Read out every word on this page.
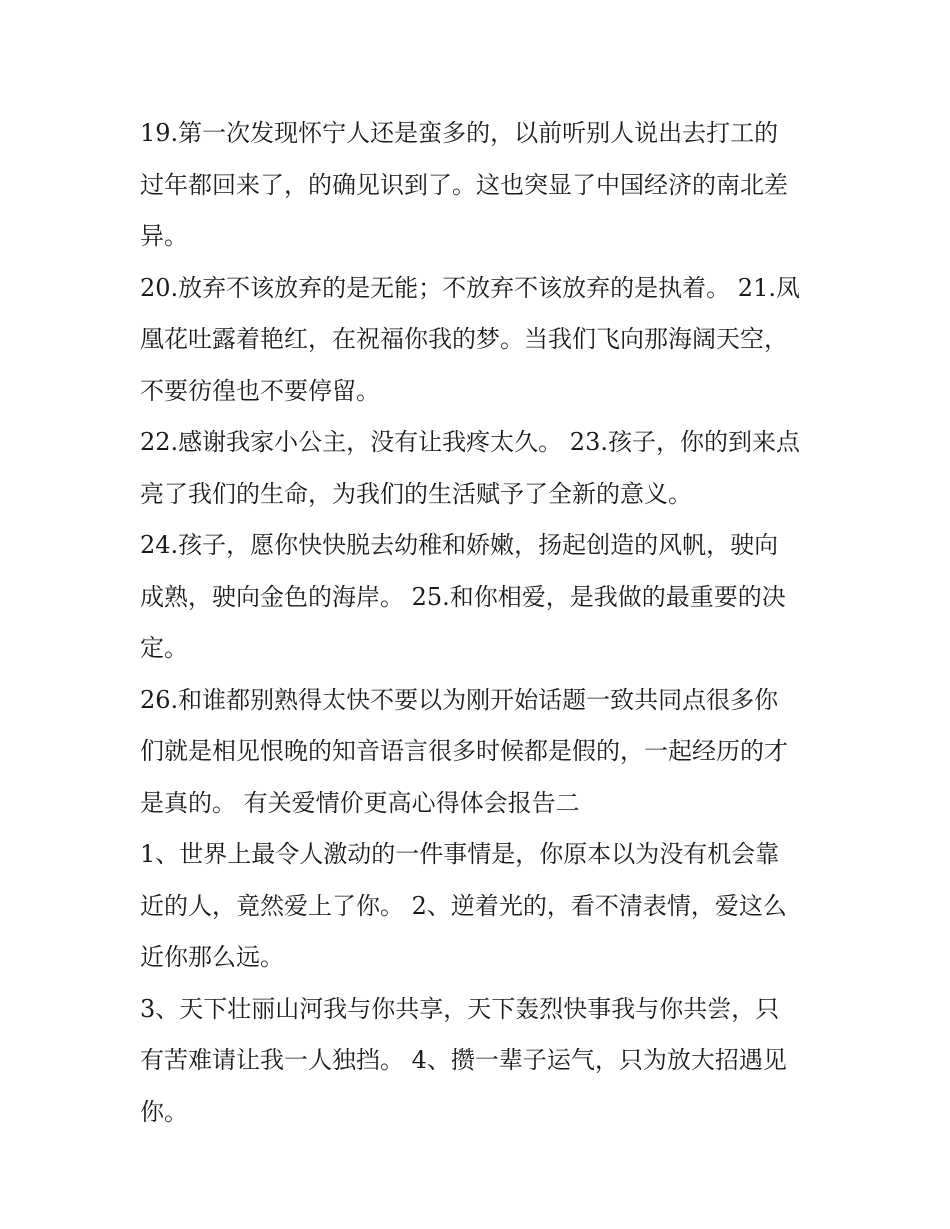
19.第一次发现怀宁人还是蛮多的，以前听别人说出去打工的
过年都回来了，的确见识到了。这也突显了中国经济的南北差
异。
20.放弃不该放弃的是无能；不放弃不该放弃的是执着。 21.凤
凰花吐露着艳红，在祝福你我的梦。当我们飞向那海阔天空，
不要彷徨也不要停留。
22.感谢我家小公主，没有让我疼太久。 23.孩子，你的到来点
亮了我们的生命，为我们的生活赋予了全新的意义。
24.孩子，愿你快快脱去幼稚和娇嫩，扬起创造的风帆，驶向
成熟，驶向金色的海岸。 25.和你相爱，是我做的最重要的决
定。
26.和谁都别熟得太快不要以为刚开始话题一致共同点很多你
们就是相见恨晚的知音语言很多时候都是假的，一起经历的才
是真的。 有关爱情价更高心得体会报告二
1、世界上最令人激动的一件事情是，你原本以为没有机会靠
近的人，竟然爱上了你。 2、逆着光的，看不清表情，爱这么
近你那么远。
3、天下壮丽山河我与你共享，天下轰烈快事我与你共尝，只
有苦难请让我一人独挡。 4、攒一辈子运气，只为放大招遇见
你。
